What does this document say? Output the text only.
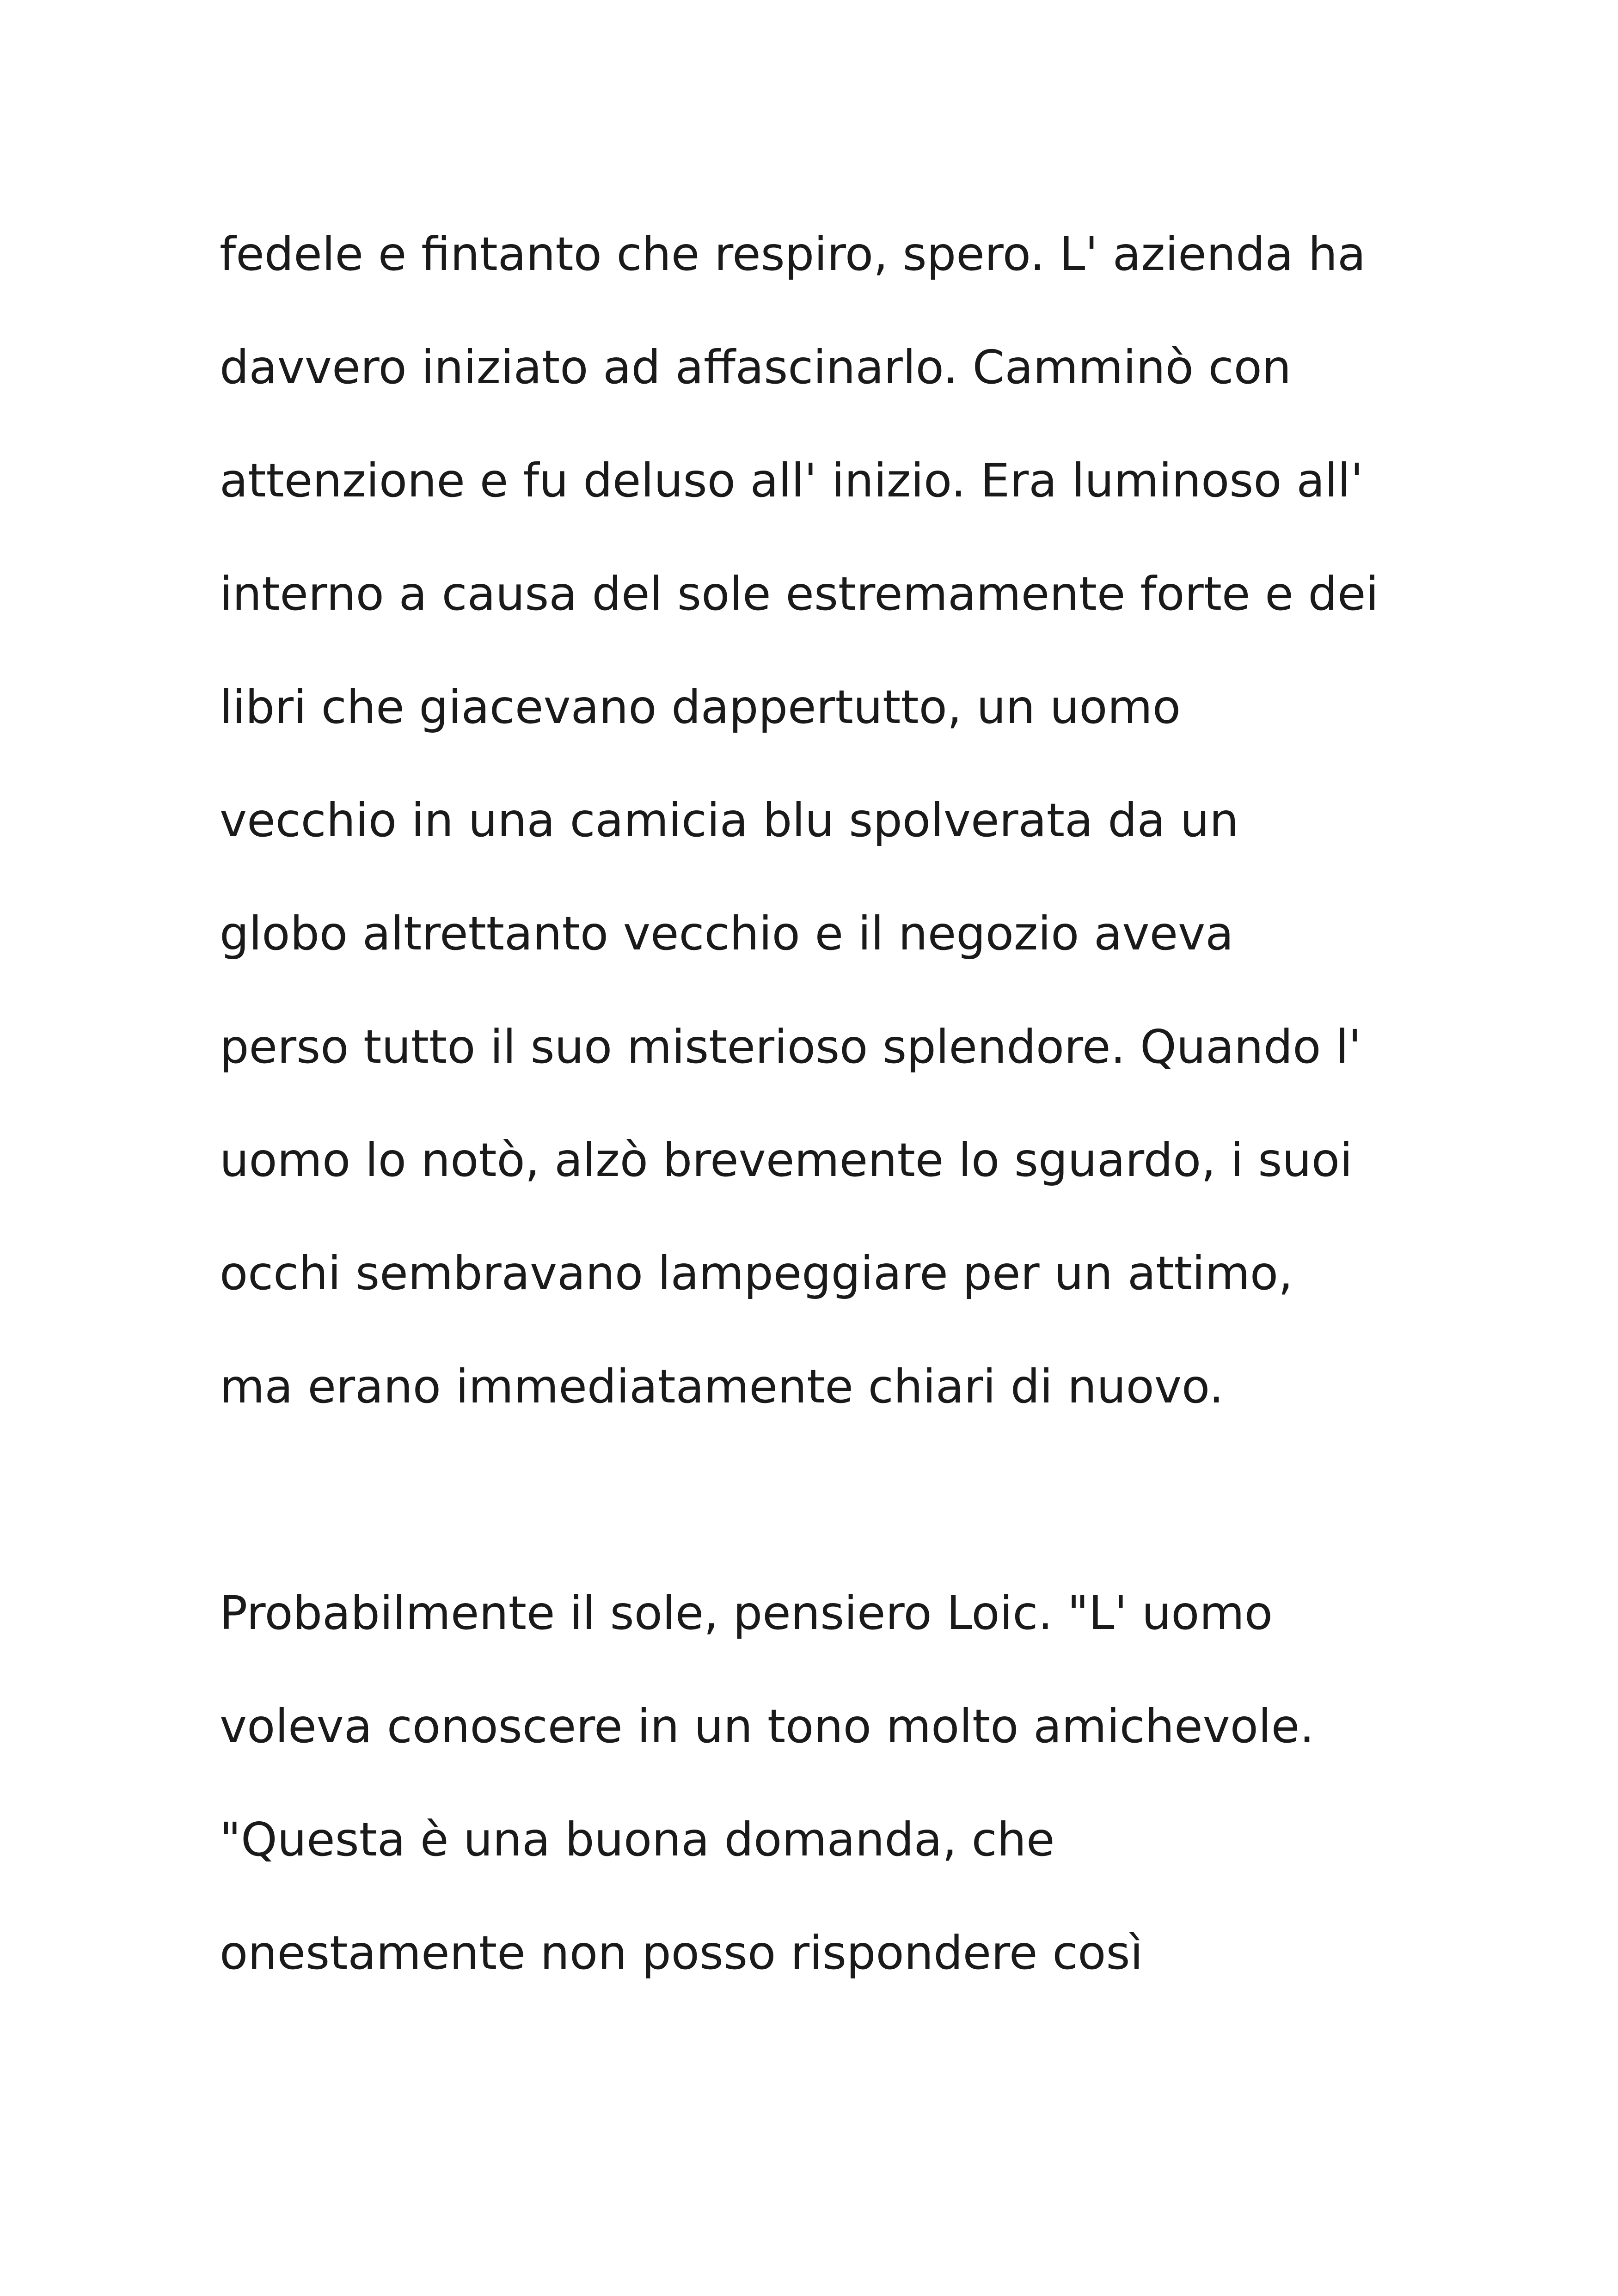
fedele e fintanto che respiro, spero. L' azienda ha

davvero iniziato ad affascinarlo. Camminò con

attenzione e fu deluso all' inizio. Era luminoso all'

interno a causa del sole estremamente forte e dei

libri che giacevano dappertutto, un uomo

vecchio in una camicia blu spolverata da un

globo altrettanto vecchio e il negozio aveva

perso tutto il suo misterioso splendore. Quando l'

uomo lo notò, alzò brevemente lo sguardo, i suoi

occhi sembravano lampeggiare per un attimo,

ma erano immediatamente chiari di nuovo.

Probabilmente il sole, pensiero Loic. "L' uomo

voleva conoscere in un tono molto amichevole.

"Questa è una buona domanda, che

onestamente non posso rispondere così
